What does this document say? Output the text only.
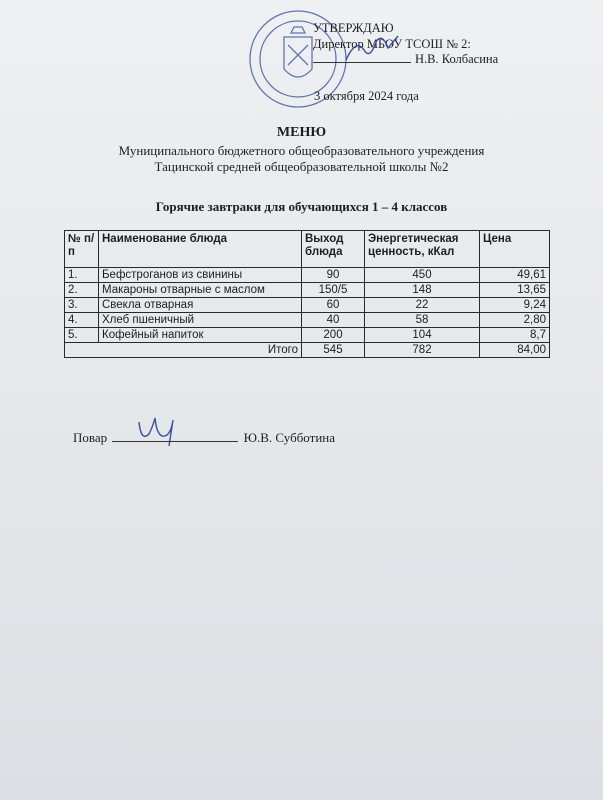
УТВЕРЖДАЮ
Директор МБОУ ТСОШ № 2:
Н.В. Колбасина
3 октября 2024 года
МЕНЮ
Муниципального бюджетного общеобразовательного учреждения
Тацинской средней общеобразовательной школы №2
Горячие завтраки для обучающихся 1 – 4 классов
№ п/п	Наименование блюда	Выход блюда	Энергетическая ценность, кКал	Цена
1.	Бефстроганов из свинины	90	450	49,61
2.	Макароны отварные с маслом	150/5	148	13,65
3.	Свекла отварная	60	22	9,24
4.	Хлеб пшеничный	40	58	2,80
5.	Кофейный напиток	200	104	8,7
Итого		545	782	84,00
Повар	Ю.В. Субботина
